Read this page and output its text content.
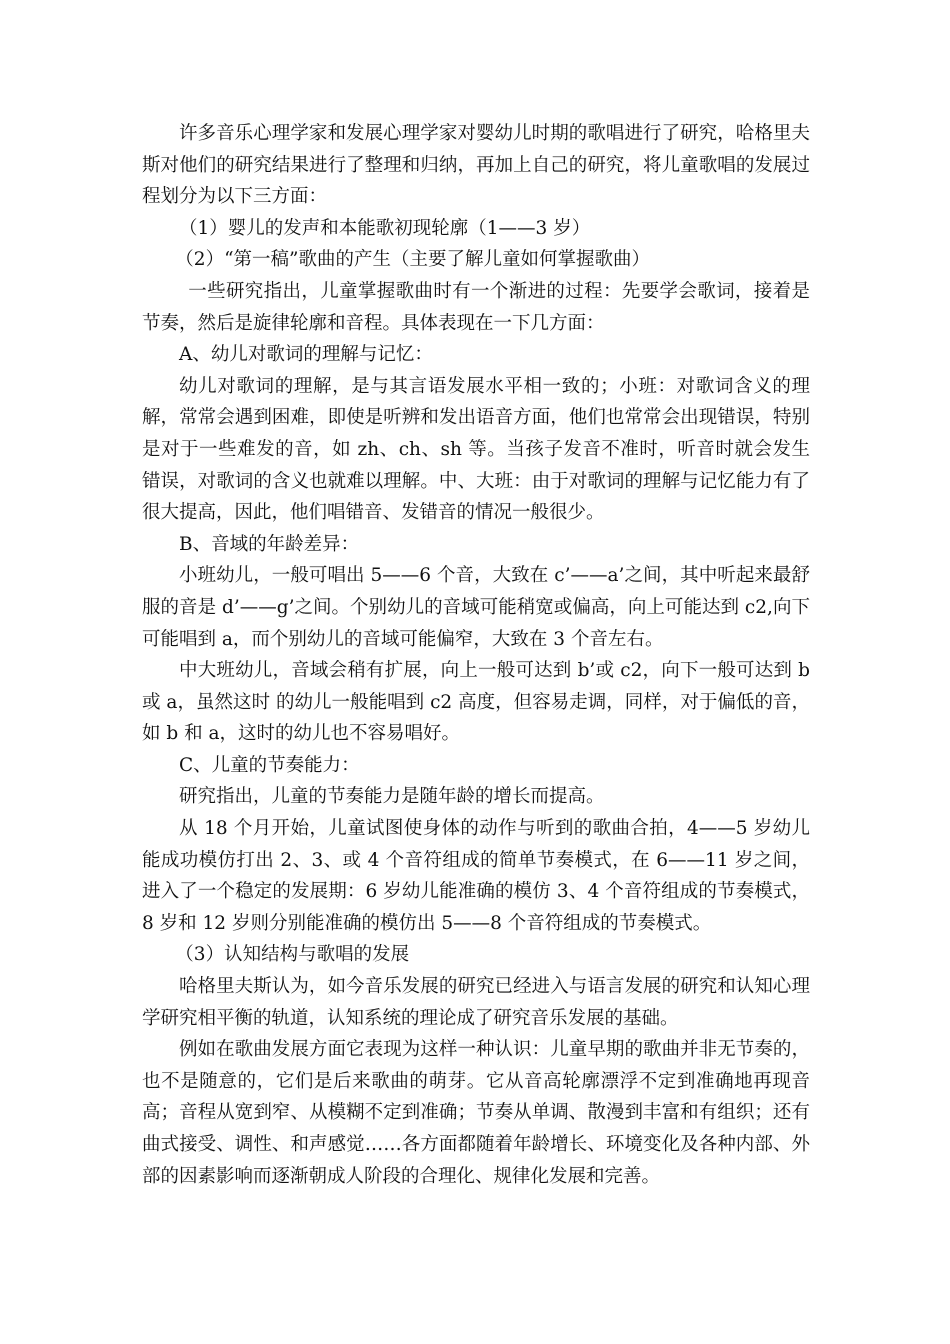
许多音乐心理学家和发展心理学家对婴幼儿时期的歌唱进行了研究，哈格里夫斯对他们的研究结果进行了整理和归纳，再加上自己的研究，将儿童歌唱的发展过程划分为以下三方面：

（1）婴儿的发声和本能歌初现轮廓（1——3 岁）

（2）“第一稿”歌曲的产生（主要了解儿童如何掌握歌曲）

一些研究指出，儿童掌握歌曲时有一个渐进的过程：先要学会歌词，接着是节奏，然后是旋律轮廓和音程。具体表现在一下几方面：

A、幼儿对歌词的理解与记忆：

幼儿对歌词的理解，是与其言语发展水平相一致的；小班：对歌词含义的理解，常常会遇到困难，即使是听辨和发出语音方面，他们也常常会出现错误，特别是对于一些难发的音，如 zh、ch、sh 等。当孩子发音不准时，听音时就会发生错误，对歌词的含义也就难以理解。中、大班：由于对歌词的理解与记忆能力有了很大提高，因此，他们唱错音、发错音的情况一般很少。

B、音域的年龄差异：

小班幼儿，一般可唱出 5——6 个音，大致在 c’——a’之间，其中听起来最舒服的音是 d’——g’之间。个别幼儿的音域可能稍宽或偏高，向上可能达到 c2,向下可能唱到 a，而个别幼儿的音域可能偏窄，大致在 3 个音左右。

中大班幼儿，音域会稍有扩展，向上一般可达到 b’或 c2，向下一般可达到 b 或 a，虽然这时 的幼儿一般能唱到 c2 高度，但容易走调，同样，对于偏低的音，如 b 和 a，这时的幼儿也不容易唱好。

C、儿童的节奏能力：

研究指出，儿童的节奏能力是随年龄的增长而提高。

从 18 个月开始，儿童试图使身体的动作与听到的歌曲合拍，4——5 岁幼儿能成功模仿打出 2、3、或 4 个音符组成的简单节奏模式，在 6——11 岁之间，进入了一个稳定的发展期：6 岁幼儿能准确的模仿 3、4 个音符组成的节奏模式，8 岁和 12 岁则分别能准确的模仿出 5——8 个音符组成的节奏模式。

（3）认知结构与歌唱的发展

哈格里夫斯认为，如今音乐发展的研究已经进入与语言发展的研究和认知心理学研究相平衡的轨道，认知系统的理论成了研究音乐发展的基础。

例如在歌曲发展方面它表现为这样一种认识：儿童早期的歌曲并非无节奏的，也不是随意的，它们是后来歌曲的萌芽。它从音高轮廓漂浮不定到准确地再现音高；音程从宽到窄、从模糊不定到准确；节奏从单调、散漫到丰富和有组织；还有曲式接受、调性、和声感觉……各方面都随着年龄增长、环境变化及各种内部、外部的因素影响而逐渐朝成人阶段的合理化、规律化发展和完善。
